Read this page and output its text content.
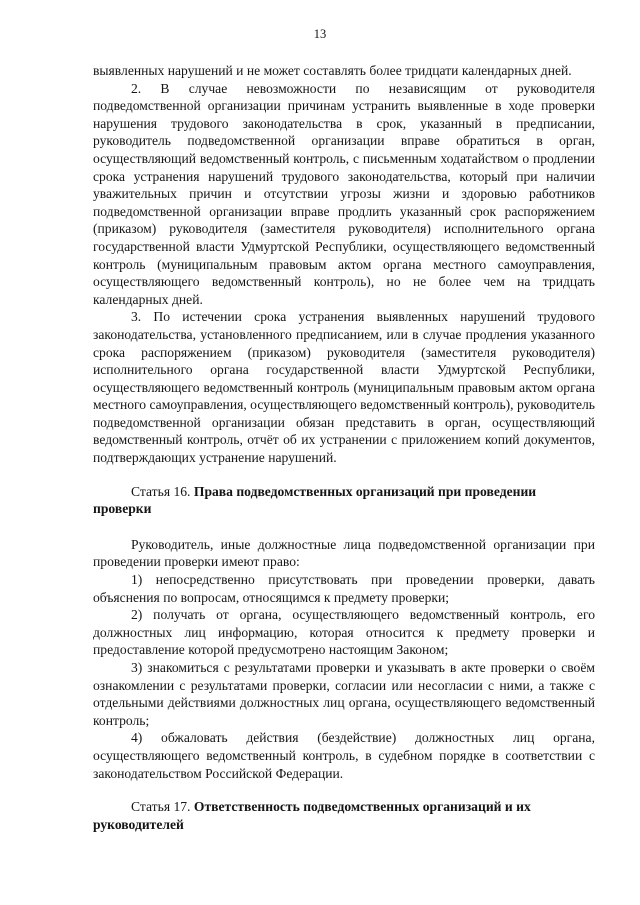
13

выявленных нарушений и не может составлять более тридцати календарных дней.

2. В случае невозможности по независящим от руководителя подведомственной организации причинам устранить выявленные в ходе проверки нарушения трудового законодательства в срок, указанный в предписании, руководитель подведомственной организации вправе обратиться в орган, осуществляющий ведомственный контроль, с письменным ходатайством о продлении срока устранения нарушений трудового законодательства, который при наличии уважительных причин и отсутствии угрозы жизни и здоровью работников подведомственной организации вправе продлить указанный срок распоряжением (приказом) руководителя (заместителя руководителя) исполнительного органа государственной власти Удмуртской Республики, осуществляющего ведомственный контроль (муниципальным правовым актом органа местного самоуправления, осуществляющего ведомственный контроль), но не более чем на тридцать календарных дней.

3. По истечении срока устранения выявленных нарушений трудового законодательства, установленного предписанием, или в случае продления указанного срока распоряжением (приказом) руководителя (заместителя руководителя) исполнительного органа государственной власти Удмуртской Республики, осуществляющего ведомственный контроль (муниципальным правовым актом органа местного самоуправления, осуществляющего ведомственный контроль), руководитель подведомственной организации обязан представить в орган, осуществляющий ведомственный контроль, отчёт об их устранении с приложением копий документов, подтверждающих устранение нарушений.

Статья 16. Права подведомственных организаций при проведении проверки

Руководитель, иные должностные лица подведомственной организации при проведении проверки имеют право:

1) непосредственно присутствовать при проведении проверки, давать объяснения по вопросам, относящимся к предмету проверки;

2) получать от органа, осуществляющего ведомственный контроль, его должностных лиц информацию, которая относится к предмету проверки и предоставление которой предусмотрено настоящим Законом;

3) знакомиться с результатами проверки и указывать в акте проверки о своём ознакомлении с результатами проверки, согласии или несогласии с ними, а также с отдельными действиями должностных лиц органа, осуществляющего ведомственный контроль;

4) обжаловать действия (бездействие) должностных лиц органа, осуществляющего ведомственный контроль, в судебном порядке в соответствии с законодательством Российской Федерации.

Статья 17. Ответственность подведомственных организаций и их руководителей
